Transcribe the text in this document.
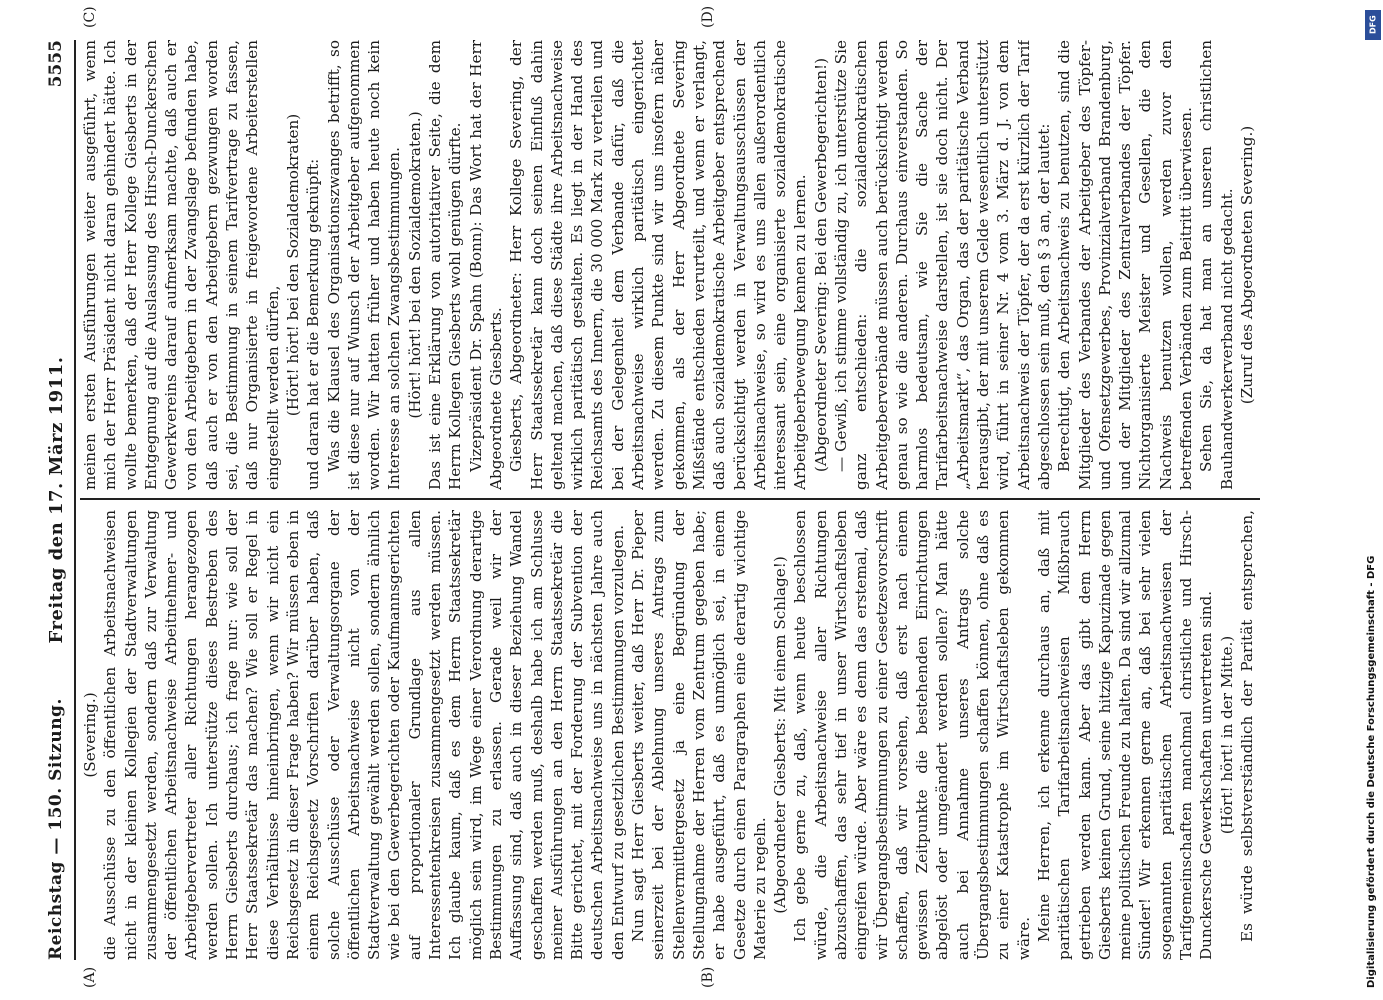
Reichstag — 150. Sitzung.
Freitag den 17. März 1911.
5555
(A)	(B)
(C)	(D)

(Severing.) die Ausschüsse zu den öffentlichen Arbeitsnachweisen nicht in der kleinen Kollegien der Stadtverwaltungen zusammengesetzt werden, sondern daß zur Verwaltung der öffentlichen Arbeitsnachweise Arbeitnehmer- und Arbeitgebervertreter aller Richtungen herangezogen werden sollen. Ich unterstütze dieses Bestreben des Herrn Giesberts durchaus; ich frage nur: wie soll der Herr Staatssekretär das machen? Wie soll er Regel in diese Verhältnisse hineinbringen, wenn wir nicht ein Reichsgesetz in dieser Frage haben? Wir müssen eben in einem Reichsgesetz Vorschriften darüber haben, daß solche Ausschüsse oder Verwaltungsorgane der öffentlichen Arbeitsnachweise nicht von der Stadtverwaltung gewählt werden sollen, sondern ähnlich wie bei den Gewerbegerichten oder Kaufmannsgerichten auf proportionaler Grundlage aus allen Interessentenkreisen zusammengesetzt werden müssen. Ich glaube kaum, daß es dem Herrn Staatssekretär möglich sein wird, im Wege einer Verordnung derartige Bestimmungen zu erlassen. Gerade weil wir der Auffassung sind, daß auch in dieser Beziehung Wandel geschaffen werden muß, deshalb habe ich am Schlusse meiner Ausführungen an den Herrn Staatssekretär die Bitte gerichtet, mit der Forderung der Subvention der deutschen Arbeitsnachweise uns in nächsten Jahre auch den Entwurf zu gesetzlichen Bestimmungen vorzulegen. Nun sagt Herr Giesberts weiter, daß Herr Dr. Pieper seinerzeit bei der Ablehnung unseres Antrags zum Stellenvermittlergesetz ja eine Begründung der Stellungnahme der Herren vom Zentrum gegeben habe; er habe ausgeführt, daß es unmöglich sei, in einem Gesetze durch einen Paragraphen eine derartig wichtige Materie zu regeln. (Abgeordneter Giesberts: Mit einem Schlage!) Ich gebe gerne zu, daß, wenn heute beschlossen würde, die Arbeitsnachweise aller Richtungen abzuschaffen, das sehr tief in unser Wirtschaftsleben eingreifen würde. Aber wäre es denn das erstemal, daß wir Übergangsbestimmungen zu einer Gesetzesvorschrift schaffen, daß wir vorsehen, daß erst nach einem gewissen Zeitpunkte die bestehenden Einrichtungen abgelöst oder umgeändert werden sollen? Man hätte auch bei Annahme unseres Antrags solche Übergangsbestimmungen schaffen können, ohne daß es zu einer Katastrophe im Wirtschaftsleben gekommen wäre. Meine Herren, ich erkenne durchaus an, daß mit paritätischen Tarifarbeitsnachweisen Mißbrauch getrieben werden kann. Aber das gibt dem Herrn Giesberts keinen Grund, seine hitzige Kapuzinade gegen meine politischen Freunde zu halten. Da sind wir allzumal Sünder! Wir erkennen gerne an, daß bei sehr vielen sogenannten paritätischen Arbeitsnachweisen der Tarifgemeinschaften manchmal christliche und Hirsch-Dunckersche Gewerkschaften unvertreten sind. (Hört! hört! in der Mitte.)

Es würde selbstverständlich der Parität entsprechen,

meinen ersten Ausführungen weiter ausgeführt, wenn mich der Herr Präsident nicht daran gehindert hätte. Ich wollte bemerken, daß der Herr Kollege Giesberts in der Entgegnung auf die Auslassung des Hirsch-Dunckerschen Gewerkvereins darauf aufmerksam machte, daß auch er von den Arbeitgebern in der Zwangslage befunden habe, daß auch er von den Arbeitgebern gezwungen worden sei, die Bestimmung in seinem Tarifvertrage zu fassen, daß nur Organisierte in freigewordene Arbeiterstellen eingestellt werden dürfen, (Hört! hört! bei den Sozialdemokraten) und daran hat er die Bemerkung geknüpft: Was die Klausel des Organisationszwanges betrifft, so ist diese nur auf Wunsch der Arbeitgeber aufgenommen worden. Wir hatten früher und haben heute noch kein Interesse an solchen Zwangsbestimmungen. (Hört! hört! bei den Sozialdemokraten.) Das ist eine Erklärung von autoritativer Seite, die dem Herrn Kollegen Giesberts wohl genügen dürfte. Vizepräsident Dr. Spahn (Bonn): Das Wort hat der Herr Abgeordnete Giesberts. Giesberts, Abgeordneter: Herr Kollege Severing, der Herr Staatssekretär kann doch seinen Einfluß dahin geltend machen, daß diese Städte ihre Arbeitsnachweise wirklich paritätisch gestalten. Es liegt in der Hand des Reichsamts des Innern, die 30 000 Mark zu verteilen und bei der Gelegenheit dem Verbande dafür, daß die Arbeitsnachweise wirklich paritätisch eingerichtet werden. Zu diesem Punkte sind wir uns insofern näher gekommen, als der Herr Abgeordnete Severing Mißstände entschieden verurteilt, und wenn er verlangt, daß auch sozialdemokratische Arbeitgeber entsprechend berücksichtigt werden in Verwaltungsausschüssen der Arbeitsnachweise, so wird es uns allen außerordentlich interessant sein, eine organisierte sozialdemokratische Arbeitgeberbewegung kennen zu lernen. (Abgeordneter Severing: Bei den Gewerbegerichten!) — Gewiß, ich stimme vollständig zu, ich unterstütze Sie ganz entschieden: die sozialdemokratischen Arbeitgeberverbände müssen auch berücksichtigt werden genau so wie die anderen. Durchaus einverstanden. So harmlos bedeutsam, wie Sie die Sache der Tarifarbeitsnachweise darstellen, ist sie doch nicht. Der „Arbeitsmarkt“, das Organ, das der paritätische Verband herausgibt, der mit unserem Gelde wesentlich unterstützt wird, führt in seiner Nr. 4 vom 3. März d. J. von dem Arbeitsnachweis der Töpfer, der da erst kürzlich der Tarif abgeschlossen sein muß, den § 3 an, der lautet: Berechtigt, den Arbeitsnachweis zu benutzen, sind die Mitglieder des Verbandes der Arbeitgeber des Töpfer- und Ofensetzgewerbes, Provinzialverband Brandenburg, und der Mitglieder des Zentralverbandes der Töpfer. Nichtorganisierte Meister und Gesellen, die den Nachweis benutzen wollen, werden zuvor den betreffenden Verbänden zum Beitritt überwiesen. Sehen Sie, da hat man an unseren christlichen Bauhandwerkerverband nicht gedacht. (Zuruf des Abgeordneten Severing.)

DFG
Digitalisierung gefördert durch die Deutsche Forschungsgemeinschaft - DFG
